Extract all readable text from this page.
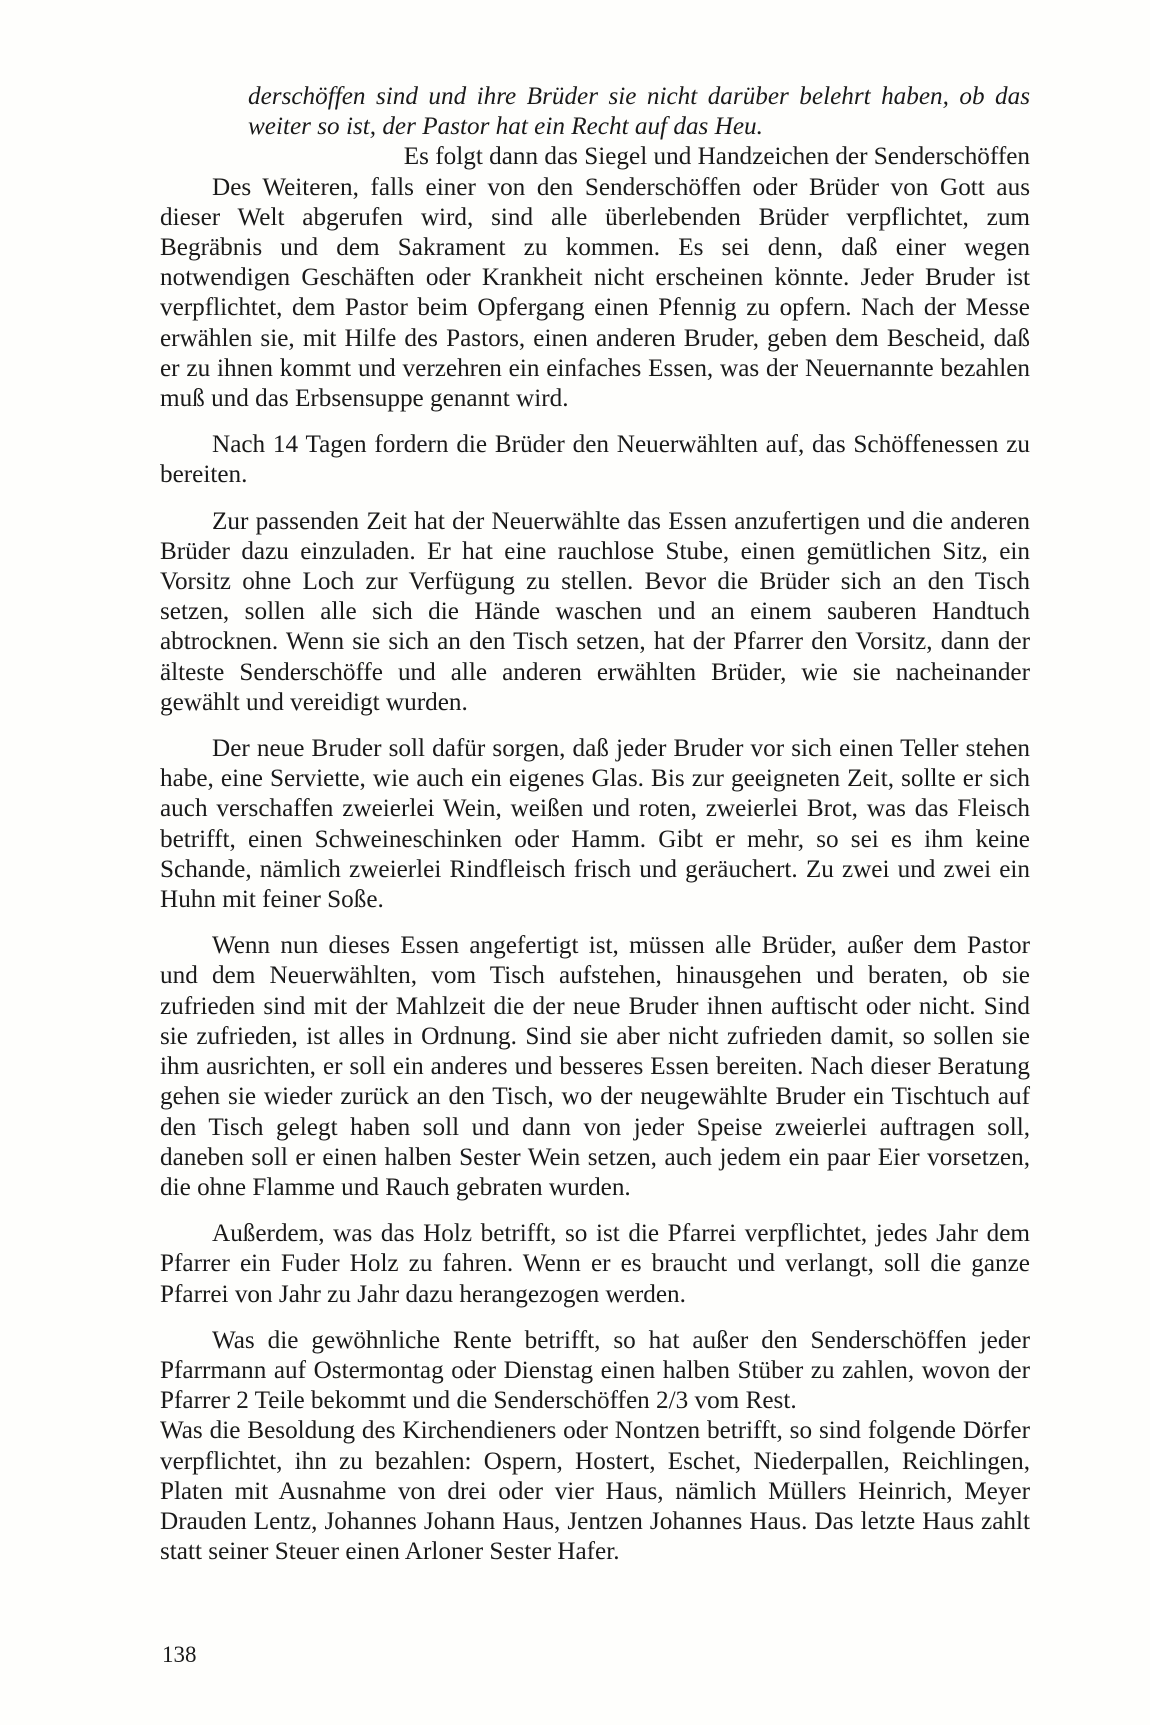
derschöffen sind und ihre Brüder sie nicht darüber belehrt haben, ob das weiter so ist, der Pastor hat ein Recht auf das Heu.

Es folgt dann das Siegel und Handzeichen der Senderschöffen

Des Weiteren, falls einer von den Senderschöffen oder Brüder von Gott aus dieser Welt abgerufen wird, sind alle überlebenden Brüder verpflichtet, zum Begräbnis und dem Sakrament zu kommen. Es sei denn, daß einer wegen notwendigen Geschäften oder Krankheit nicht erscheinen könnte. Jeder Bruder ist verpflichtet, dem Pastor beim Opfergang einen Pfennig zu opfern. Nach der Messe erwählen sie, mit Hilfe des Pastors, einen anderen Bruder, geben dem Bescheid, daß er zu ihnen kommt und verzehren ein einfaches Essen, was der Neuernannte bezahlen muß und das Erbsensuppe genannt wird.

Nach 14 Tagen fordern die Brüder den Neuerwählten auf, das Schöffenessen zu bereiten.

Zur passenden Zeit hat der Neuerwählte das Essen anzufertigen und die anderen Brüder dazu einzuladen. Er hat eine rauchlose Stube, einen gemütlichen Sitz, ein Vorsitz ohne Loch zur Verfügung zu stellen. Bevor die Brüder sich an den Tisch setzen, sollen alle sich die Hände waschen und an einem sauberen Handtuch abtrocknen. Wenn sie sich an den Tisch setzen, hat der Pfarrer den Vorsitz, dann der älteste Senderschöffe und alle anderen erwählten Brüder, wie sie nacheinander gewählt und vereidigt wurden.

Der neue Bruder soll dafür sorgen, daß jeder Bruder vor sich einen Teller stehen habe, eine Serviette, wie auch ein eigenes Glas. Bis zur geeigneten Zeit, sollte er sich auch verschaffen zweierlei Wein, weißen und roten, zweierlei Brot, was das Fleisch betrifft, einen Schweineschinken oder Hamm. Gibt er mehr, so sei es ihm keine Schande, nämlich zweierlei Rindfleisch frisch und geräuchert. Zu zwei und zwei ein Huhn mit feiner Soße.

Wenn nun dieses Essen angefertigt ist, müssen alle Brüder, außer dem Pastor und dem Neuerwählten, vom Tisch aufstehen, hinausgehen und beraten, ob sie zufrieden sind mit der Mahlzeit die der neue Bruder ihnen auftischt oder nicht. Sind sie zufrieden, ist alles in Ordnung. Sind sie aber nicht zufrieden damit, so sollen sie ihm ausrichten, er soll ein anderes und besseres Essen bereiten. Nach dieser Beratung gehen sie wieder zurück an den Tisch, wo der neugewählte Bruder ein Tischtuch auf den Tisch gelegt haben soll und dann von jeder Speise zweierlei auftragen soll, daneben soll er einen halben Sester Wein setzen, auch jedem ein paar Eier vorsetzen, die ohne Flamme und Rauch gebraten wurden.

Außerdem, was das Holz betrifft, so ist die Pfarrei verpflichtet, jedes Jahr dem Pfarrer ein Fuder Holz zu fahren. Wenn er es braucht und verlangt, soll die ganze Pfarrei von Jahr zu Jahr dazu herangezogen werden.

Was die gewöhnliche Rente betrifft, so hat außer den Senderschöffen jeder Pfarrmann auf Ostermontag oder Dienstag einen halben Stüber zu zahlen, wovon der Pfarrer 2 Teile bekommt und die Senderschöffen 2/3 vom Rest.

Was die Besoldung des Kirchendieners oder Nontzen betrifft, so sind folgende Dörfer verpflichtet, ihn zu bezahlen: Ospern, Hostert, Eschet, Niederpallen, Reichlingen, Platen mit Ausnahme von drei oder vier Haus, nämlich Müllers Heinrich, Meyer Drauden Lentz, Johannes Johann Haus, Jentzen Johannes Haus. Das letzte Haus zahlt statt seiner Steuer einen Arloner Sester Hafer.

138
